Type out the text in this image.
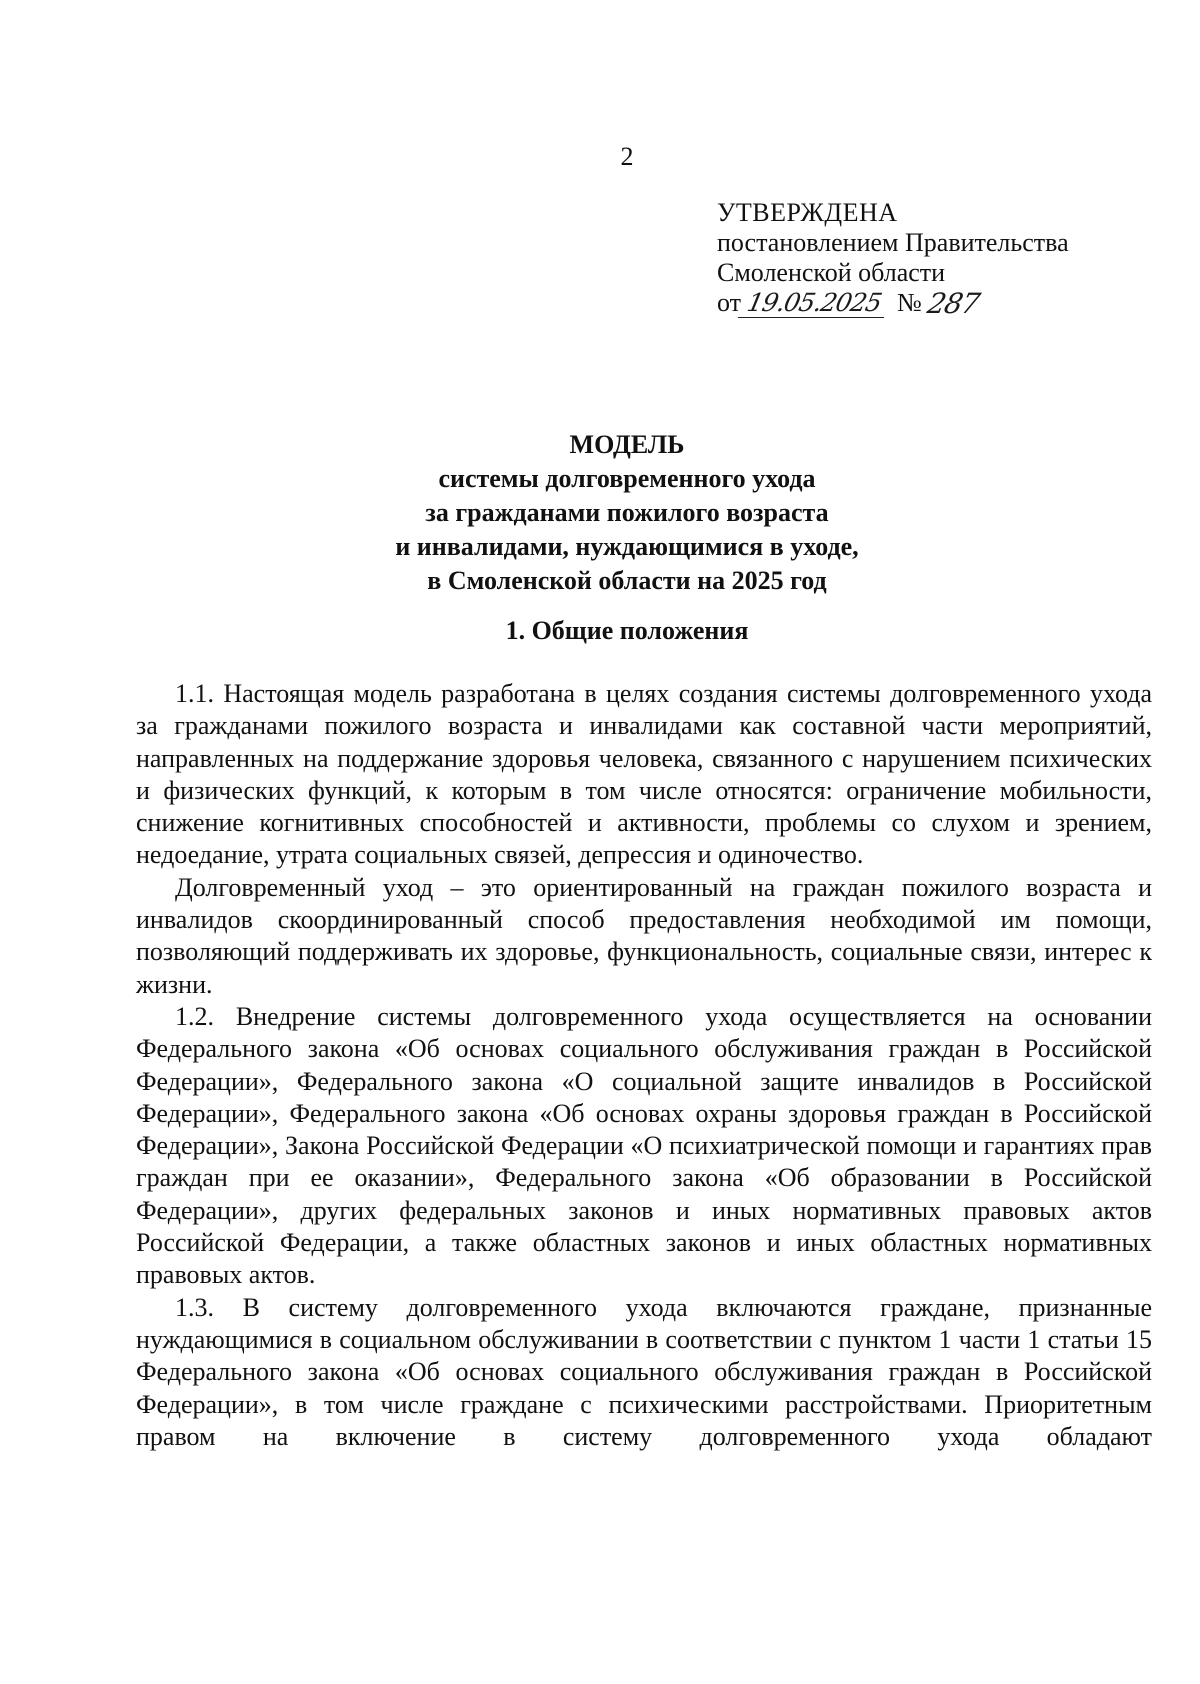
2
УТВЕРЖДЕНА
постановлением Правительства
Смоленской области
от 19.05.2025 №287
МОДЕЛЬ
системы долговременного ухода
за гражданами пожилого возраста
и инвалидами, нуждающимися в уходе,
в Смоленской области на 2025 год
1. Общие положения

1.1. Настоящая модель разработана в целях создания системы долговременного ухода за гражданами пожилого возраста и инвалидами как составной части мероприятий, направленных на поддержание здоровья человека, связанного с нарушением психических и физических функций, к которым в том числе относятся: ограничение мобильности, снижение когнитивных способностей и активности, проблемы со слухом и зрением, недоедание, утрата социальных связей, депрессия и одиночество.

Долговременный уход – это ориентированный на граждан пожилого возраста и инвалидов скоординированный способ предоставления необходимой им помощи, позволяющий поддерживать их здоровье, функциональность, социальные связи, интерес к жизни.

1.2. Внедрение системы долговременного ухода осуществляется на основании Федерального закона «Об основах социального обслуживания граждан в Российской Федерации», Федерального закона «О социальной защите инвалидов в Российской Федерации», Федерального закона «Об основах охраны здоровья граждан в Российской Федерации», Закона Российской Федерации «О психиатрической помощи и гарантиях прав граждан при ее оказании», Федерального закона «Об образовании в Российской Федерации», других федеральных законов и иных нормативных правовых актов Российской Федерации, а также областных законов и иных областных нормативных правовых актов.

1.3. В систему долговременного ухода включаются граждане, признанные нуждающимися в социальном обслуживании в соответствии с пунктом 1 части 1 статьи 15 Федерального закона «Об основах социального обслуживания граждан в Российской Федерации», в том числе граждане с психическими расстройствами. Приоритетным правом на включение в систему долговременного ухода обладают
